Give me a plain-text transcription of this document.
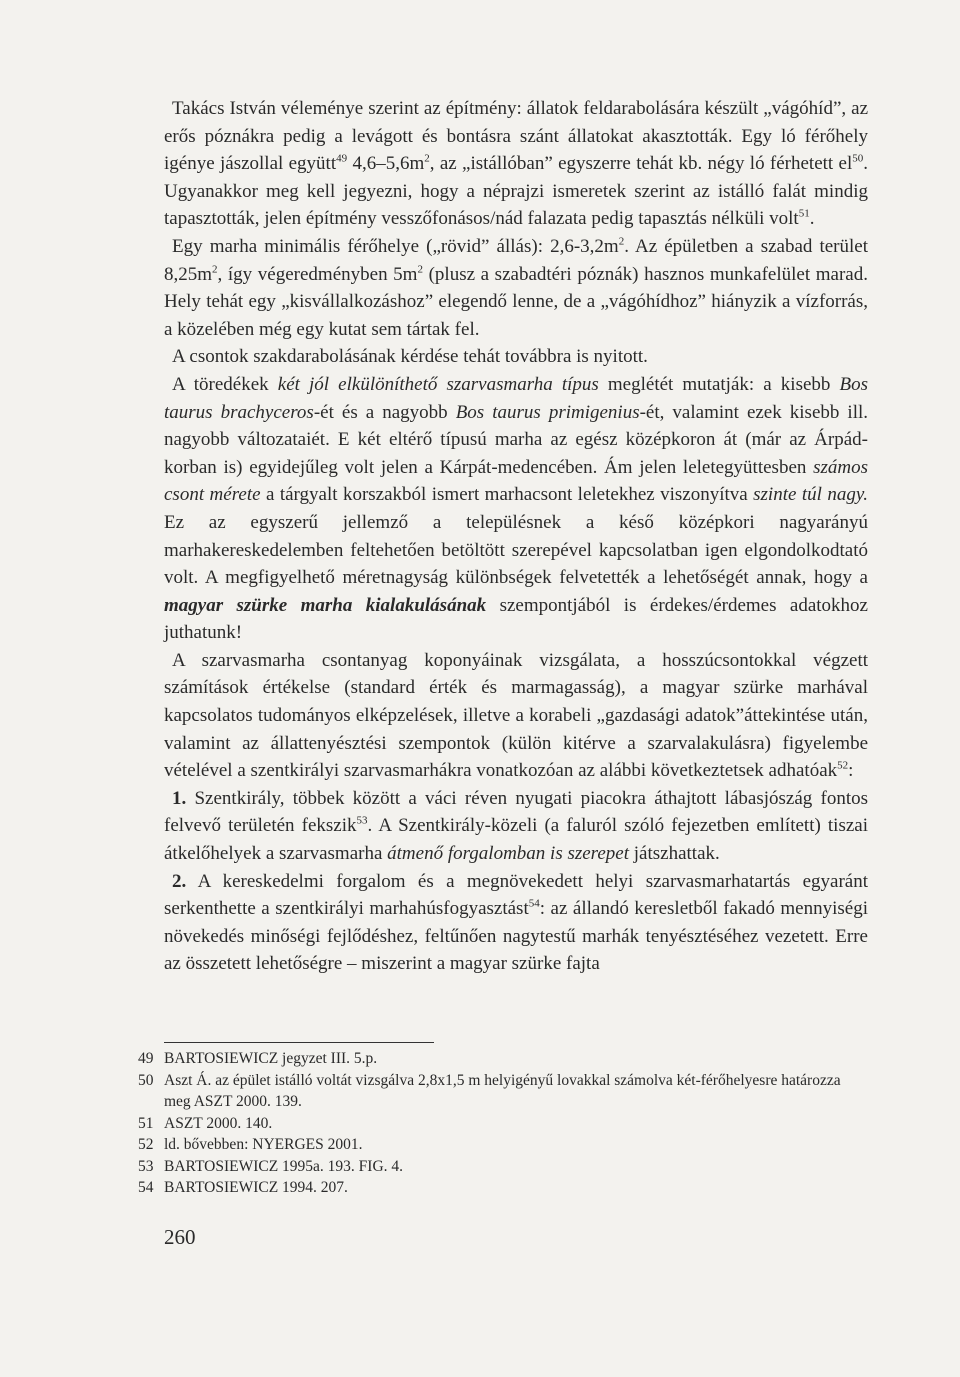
Takács István véleménye szerint az építmény: állatok feldarabolására készült „vágóhíd”, az erős póznákra pedig a levágott és bontásra szánt állatokat akasztották. Egy ló férőhely igénye jászollal együtt$^{49}$ $4,6-5,6m^2$, az „istállóban” egyszerre tehát kb. négy ló férhetett $el^{50}$. Ugyanakkor meg kell jegyezni, hogy a néprajzi ismeretek szerint az istálló falát mindig tapasztották, jelen építmény vesszőfonásos/nád falazata pedig tapasztás nélküli volt$^{51}$.

Egy marha minimális férőhelye („rövid” állás): $2,6-3,2m^2$. Az épületben a szabad terület $8,25m^2$, így végeredményben $5m^2$ (plusz a szabadtéri póznák) hasznos munkafelület marad. Hely tehát egy „kisvállalkozáshoz” elegendő lenne, de a „vágóhídhoz” hiányzik a vízforrás, a közelében még egy kutat sem tártak fel.

A csontok szakdarabolásának kérdése tehát továbbra is nyitott.

A töredékek két jól elkülöníthető szarvasmarha típus meglétét mutatják: a kisebb Bos taurus brachyceros-ét és a nagyobb Bos taurus primigenius-ét, valamint ezek kisebb ill. nagyobb változataiét. E két eltérő típusú marha az egész középkoron át (már az Árpád-korban is) egyidejűleg volt jelen a Kárpát-medencében. Ám jelen leletegyüttesben számos csont mérete a tárgyalt korszakból ismert marhacsont leletekhez viszonyítva szinte túl nagy. Ez az egyszerű jellemző a településnek a késő középkori nagyarányú marhakereskedelemben feltehetően betöltött szerepével kapcsolatban igen elgondolkodtató volt. A megfigyelhető méretnagyság különbségek felvetették a lehetőségét annak, hogy a magyar szürke marha kialakulásának szempontjából is érdekes/érdemes adatokhoz juthatunk!

A szarvasmarha csontanyag koponyáinak vizsgálata, a hosszúcsontokkal végzett számítások értékelse (standard érték és marmagasság), a magyar szürke marhával kapcsolatos tudományos elképzelések, illetve a korabeli „gazdasági adatok”áttekintése után, valamint az állattenyésztési szempontok (külön kitérve a szarvalakulásra) figyelembe vételével a szentkirályi szarvasmarhákra vonatkozóan az alábbi következtetsek adhatóak$^{52}$:

1. Szentkirály, többek között a váci réven nyugati piacokra áthajtott lábasjószág fontos felvevő területén fekszik$^{53}$. A Szentkirály-közeli (a faluról szóló fejezetben említett) tiszai átkelőhelyek a szarvasmarha átmenő forgalomban is szerepet játszhattak.

2. A kereskedelmi forgalom és a megnövekedett helyi szarvasmarhatartás egyaránt serkenthette a szentkirályi marhahúsfogyasztást$^{54}$: az állandó keresletből fakadó mennyiségi növekedés minőségi fejlődéshez, feltűnően nagytestű marhák tenyésztéséhez vezetett. Erre az összetett lehetőségre – miszerint a magyar szürke fajta

49 BARTOSIEWICZ jegyzet III. 5.p.
50 Aszt Á. az épület istálló voltát vizsgálva 2,8x1,5 m helyigényű lovakkal számolva két-férőhelyesre határozza meg ASZT 2000. 139.
51 ASZT 2000. 140.
52 ld. bővebben: NYERGES 2001.
53 BARTOSIEWICZ 1995a. 193. FIG. 4.
54 BARTOSIEWICZ 1994. 207.
260
